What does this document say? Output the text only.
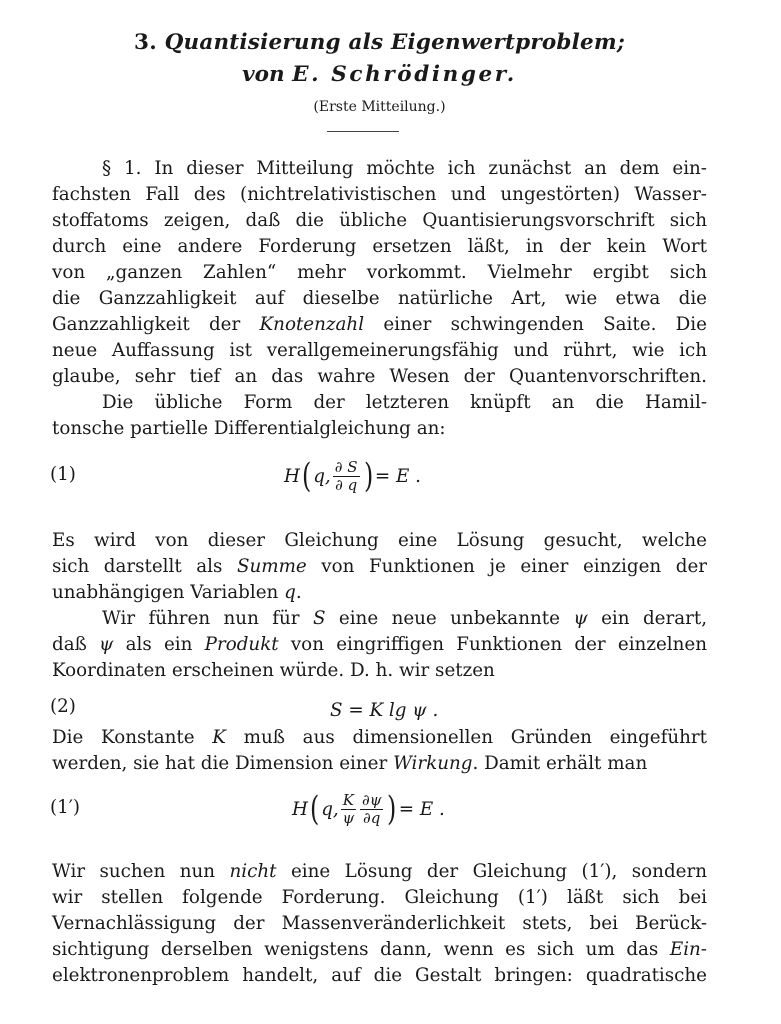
3. Quantisierung als Eigenwertproblem;
von E. Schrödinger.
(Erste Mitteilung.)
§ 1. In dieser Mitteilung möchte ich zunächst an dem ein-
fachsten Fall des (nichtrelativistischen und ungestörten) Wasser-
stoffatoms zeigen, daß die übliche Quantisierungsvorschrift sich
durch eine andere Forderung ersetzen läßt, in der kein Wort
von „ganzen Zahlen“ mehr vorkommt. Vielmehr ergibt sich
die Ganzzahligkeit auf dieselbe natürliche Art, wie etwa die
Ganzzahligkeit der Knotenzahl einer schwingenden Saite. Die
neue Auffassung ist verallgemeinerungsfähig und rührt, wie ich
glaube, sehr tief an das wahre Wesen der Quantenvorschriften.
Die übliche Form der letzteren knüpft an die Hamil-
tonsche partielle Differentialgleichung an:
(1)	H ( q, $\frac{\partial S}{\partial q}$ ) = E .
Es wird von dieser Gleichung eine Lösung gesucht, welche
sich darstellt als Summe von Funktionen je einer einzigen der
unabhängigen Variablen q.
Wir führen nun für S eine neue unbekannte ψ ein derart,
daß ψ als ein Produkt von eingriffigen Funktionen der einzelnen
Koordinaten erscheinen würde. D. h. wir setzen
(2)	S = K lg ψ .
Die Konstante K muß aus dimensionellen Gründen eingeführt
werden, sie hat die Dimension einer Wirkung. Damit erhält man
(1′)	H ( q, $\frac{K}{\psi} \frac{\partial\psi}{\partial q}$ ) = E .
Wir suchen nun nicht eine Lösung der Gleichung (1′), sondern
wir stellen folgende Forderung. Gleichung (1′) läßt sich bei
Vernachlässigung der Massenveränderlichkeit stets, bei Berück-
sichtigung derselben wenigstens dann, wenn es sich um das Ein-
elektronenproblem handelt, auf die Gestalt bringen: quadratische
